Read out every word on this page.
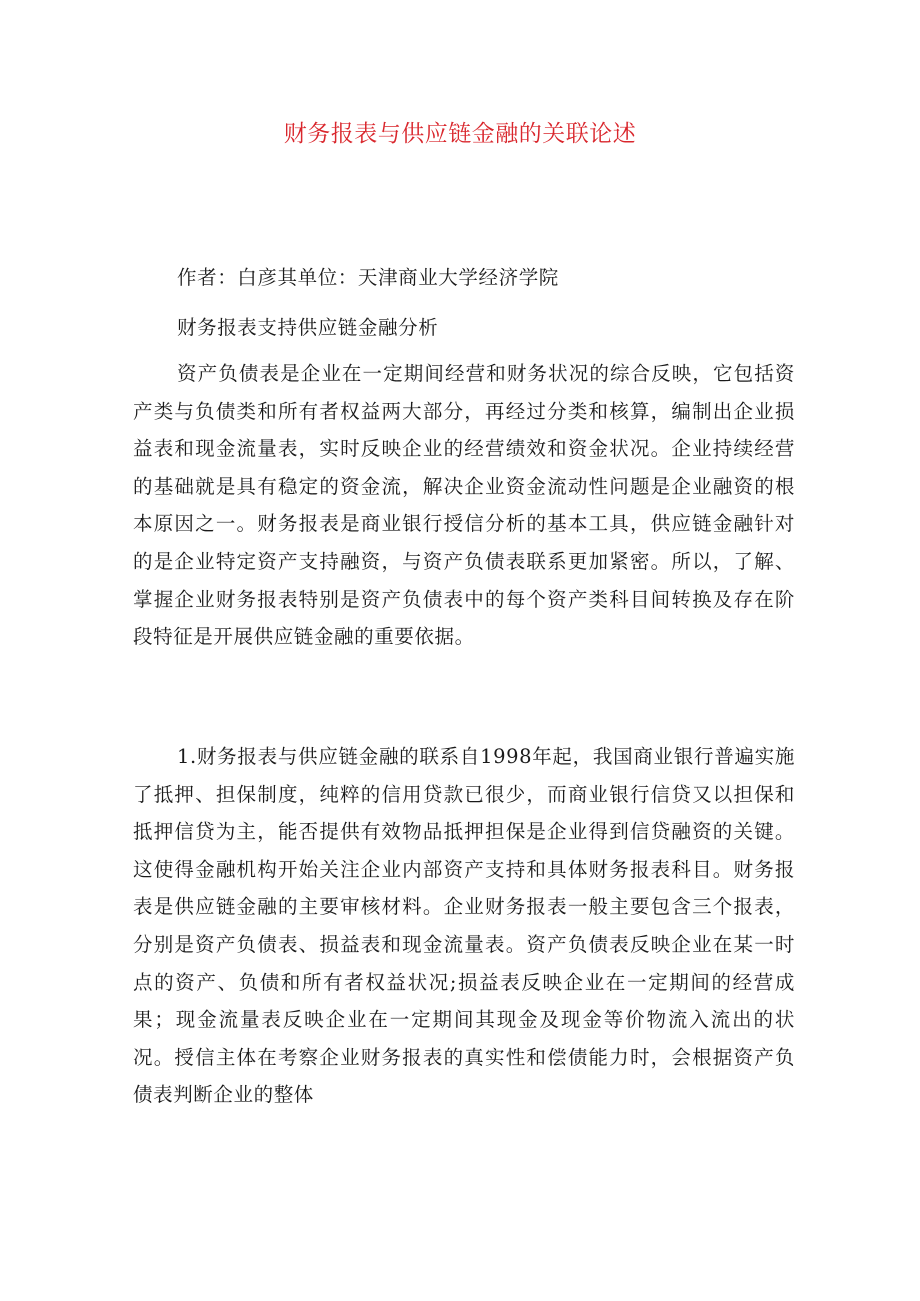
财务报表与供应链金融的关联论述

作者：白彦其单位：天津商业大学经济学院

财务报表支持供应链金融分析

资产负债表是企业在一定期间经营和财务状况的综合反映，它包括资产类与负债类和所有者权益两大部分，再经过分类和核算，编制出企业损益表和现金流量表，实时反映企业的经营绩效和资金状况。企业持续经营的基础就是具有稳定的资金流，解决企业资金流动性问题是企业融资的根本原因之一。财务报表是商业银行授信分析的基本工具，供应链金融针对的是企业特定资产支持融资，与资产负债表联系更加紧密。所以，了解、掌握企业财务报表特别是资产负债表中的每个资产类科目间转换及存在阶段特征是开展供应链金融的重要依据。

1.财务报表与供应链金融的联系自1998年起，我国商业银行普遍实施了抵押、担保制度，纯粹的信用贷款已很少，而商业银行信贷又以担保和抵押信贷为主，能否提供有效物品抵押担保是企业得到信贷融资的关键。这使得金融机构开始关注企业内部资产支持和具体财务报表科目。财务报表是供应链金融的主要审核材料。企业财务报表一般主要包含三个报表，分别是资产负债表、损益表和现金流量表。资产负债表反映企业在某一时点的资产、负债和所有者权益状况;损益表反映企业在一定期间的经营成果；现金流量表反映企业在一定期间其现金及现金等价物流入流出的状况。授信主体在考察企业财务报表的真实性和偿债能力时，会根据资产负债表判断企业的整体
